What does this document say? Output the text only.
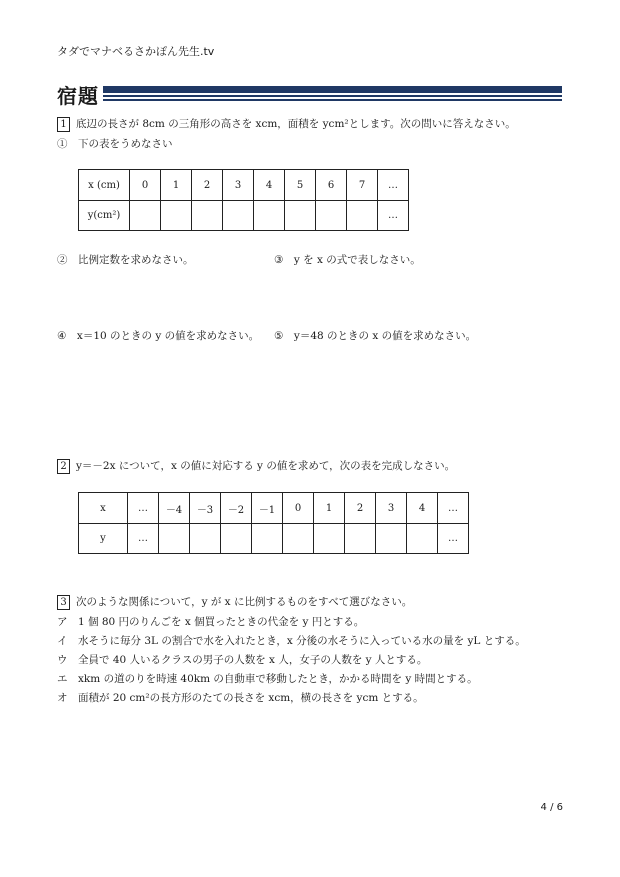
タダでマナベるさかぽん先生.tv
宿題
1 底辺の長さが 8cm の三角形の高さを xcm，面積を ycm²とします。次の問いに答えなさい。
①　下の表をうめなさい
x (cm)	0	1	2	3	4	5	6	7	…
y(cm²)									…
②　比例定数を求めなさい。	③　y を x の式で表しなさい。
④　x＝10 のときの y の値を求めなさい。 ⑤　y＝48 のときの x の値を求めなさい。
2 y＝－2x について，x の値に対応する y の値を求めて，次の表を完成しなさい。
x	…	－4	－3	－2	－1	0	1	2	3	4	…
y	…										…
3 次のような関係について，y が x に比例するものをすべて選びなさい。
ア　1 個 80 円のりんごを x 個買ったときの代金を y 円とする。
イ　水そうに毎分 3L の割合で水を入れたとき，x 分後の水そうに入っている水の量を yL とする。
ウ　全員で 40 人いるクラスの男子の人数を x 人，女子の人数を y 人とする。
エ　xkm の道のりを時速 40km の自動車で移動したとき，かかる時間を y 時間とする。
オ　面積が 20 cm²の長方形のたての長さを xcm，横の長さを ycm とする。
4 / 6
